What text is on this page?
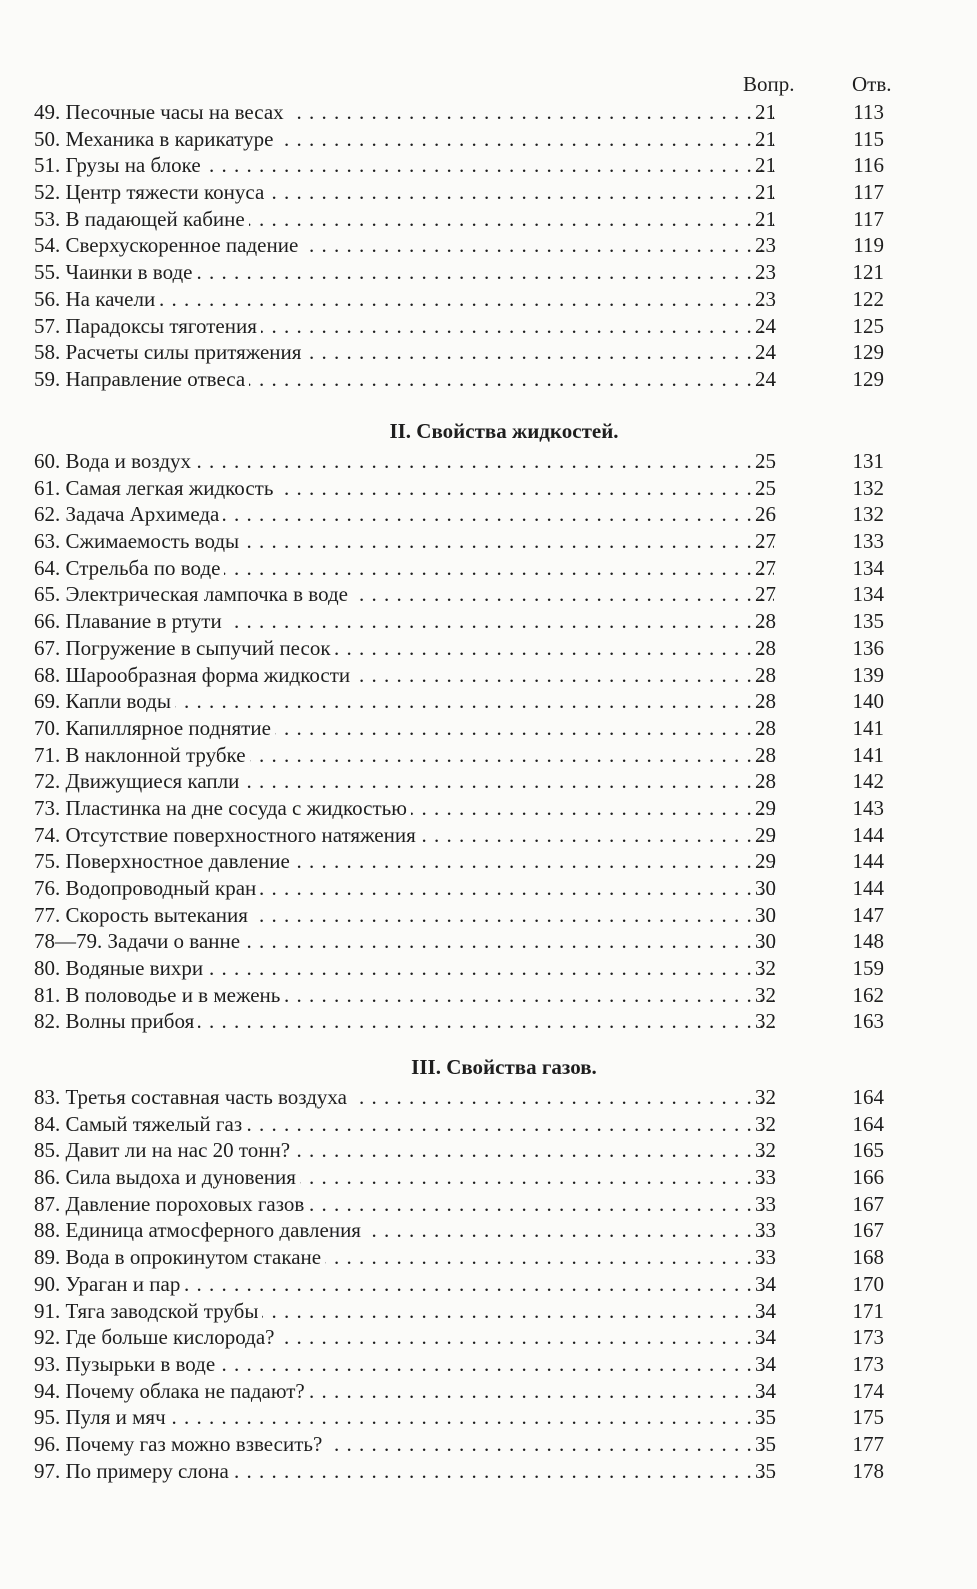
Вопр.	Отв.
49. Песочные часы на весах . . .	21	113
50. Механика в карикатуре . . .	21	115
51. Грузы на блоке . . .	21	116
52. Центр тяжести конуса . . .	21	117
53. В падающей кабине . . .	21	117
54. Сверхускоренное падение . . .	23	119
55. Чаинки в воде . . .	23	121
56. На качели . . .	23	122
57. Парадоксы тяготения . . .	24	125
58. Расчеты силы притяжения . . .	24	129
59. Направление отвеса . . .	24	129
II. Свойства жидкостей.
60. Вода и воздух . . .	25	131
61. Самая легкая жидкость . . .	25	132
62. Задача Архимеда . . .	26	132
63. Сжимаемость воды . . .	27	133
64. Стрельба по воде . . .	27	134
65. Электрическая лампочка в воде . . .	27	134
66. Плавание в ртути . . .	28	135
67. Погружение в сыпучий песок . . .	28	136
68. Шарообразная форма жидкости . . .	28	139
69. Капли воды . . .	28	140
70. Капиллярное поднятие . . .	28	141
71. В наклонной трубке . . .	28	141
72. Движущиеся капли . . .	28	142
73. Пластинка на дне сосуда с жидкостью . . .	29	143
74. Отсутствие поверхностного натяжения . . .	29	144
75. Поверхностное давление . . .	29	144
76. Водопроводный кран . . .	30	144
77. Скорость вытекания . . .	30	147
78—79. Задачи о ванне . . .	30	148
80. Водяные вихри . . .	32	159
81. В половодье и в межень . . .	32	162
82. Волны прибоя . . .	32	163
III. Свойства газов.
83. Третья составная часть воздуха . . .	32	164
84. Самый тяжелый газ . . .	32	164
85. Давит ли на нас 20 тонн? . . .	32	165
86. Сила выдоха и дуновения . . .	33	166
87. Давление пороховых газов . . .	33	167
88. Единица атмосферного давления . . .	33	167
89. Вода в опрокинутом стакане . . .	33	168
90. Ураган и пар . . .	34	170
91. Тяга заводской трубы . . .	34	171
92. Где больше кислорода? . . .	34	173
93. Пузырьки в воде . . .	34	173
94. Почему облака не падают? . . .	34	174
95. Пуля и мяч . . .	35	175
96. Почему газ можно взвесить? . . .	35	177
97. По примеру слона . . .	35	178
